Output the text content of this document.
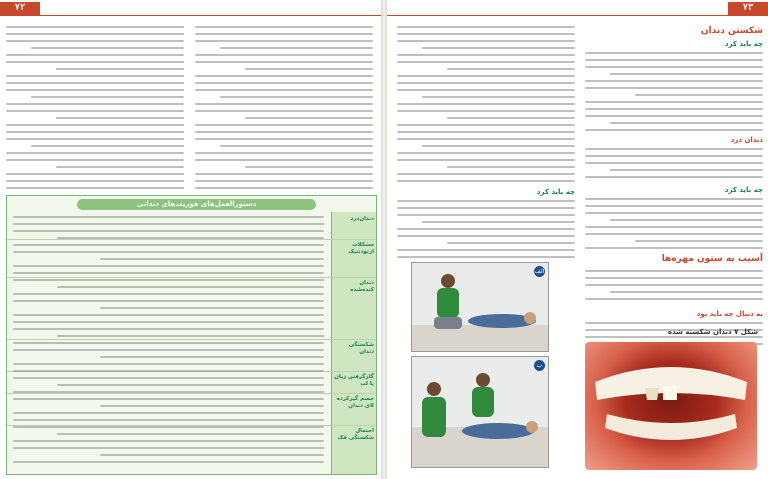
۷۲
دستورالعمل‌های فوریت‌های دندانی
دندان‌درد
مشکلات ارتودنتیک
دندان کنده‌شده
شکستگی دندان
گازگرفتن زبان یا لب
جسم گیرکرده لای دندان
احتمال شکستگی فک
۷۳
شکستن دندان
چه باید کرد
دندان درد
چه باید کرد
آسیب به ستون مهره‌ها
به دنبال چه باید بود
چه باید کرد
الف
ب
شکل ۷ دندان شکسته شده
